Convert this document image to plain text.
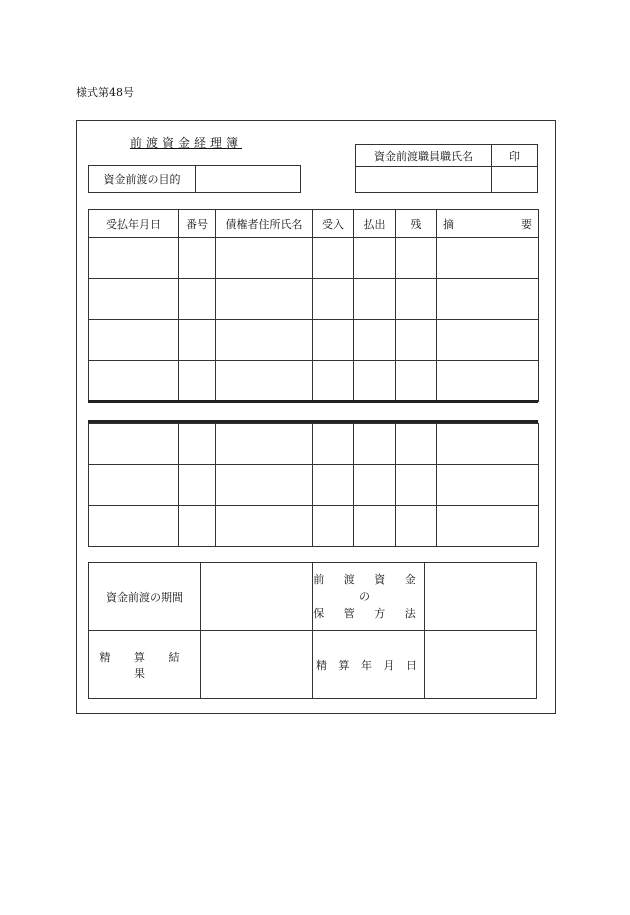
様式第48号
前渡資金経理簿
資金前渡の目的
資金前渡職員職氏名	印
受払年月日	番号	債権者住所氏名	受入	払出	残	摘 要

資金前渡の期間		前 渡 資 金 の
保 管 方 法	

精 算 結 果		精 算 年 月 日	
